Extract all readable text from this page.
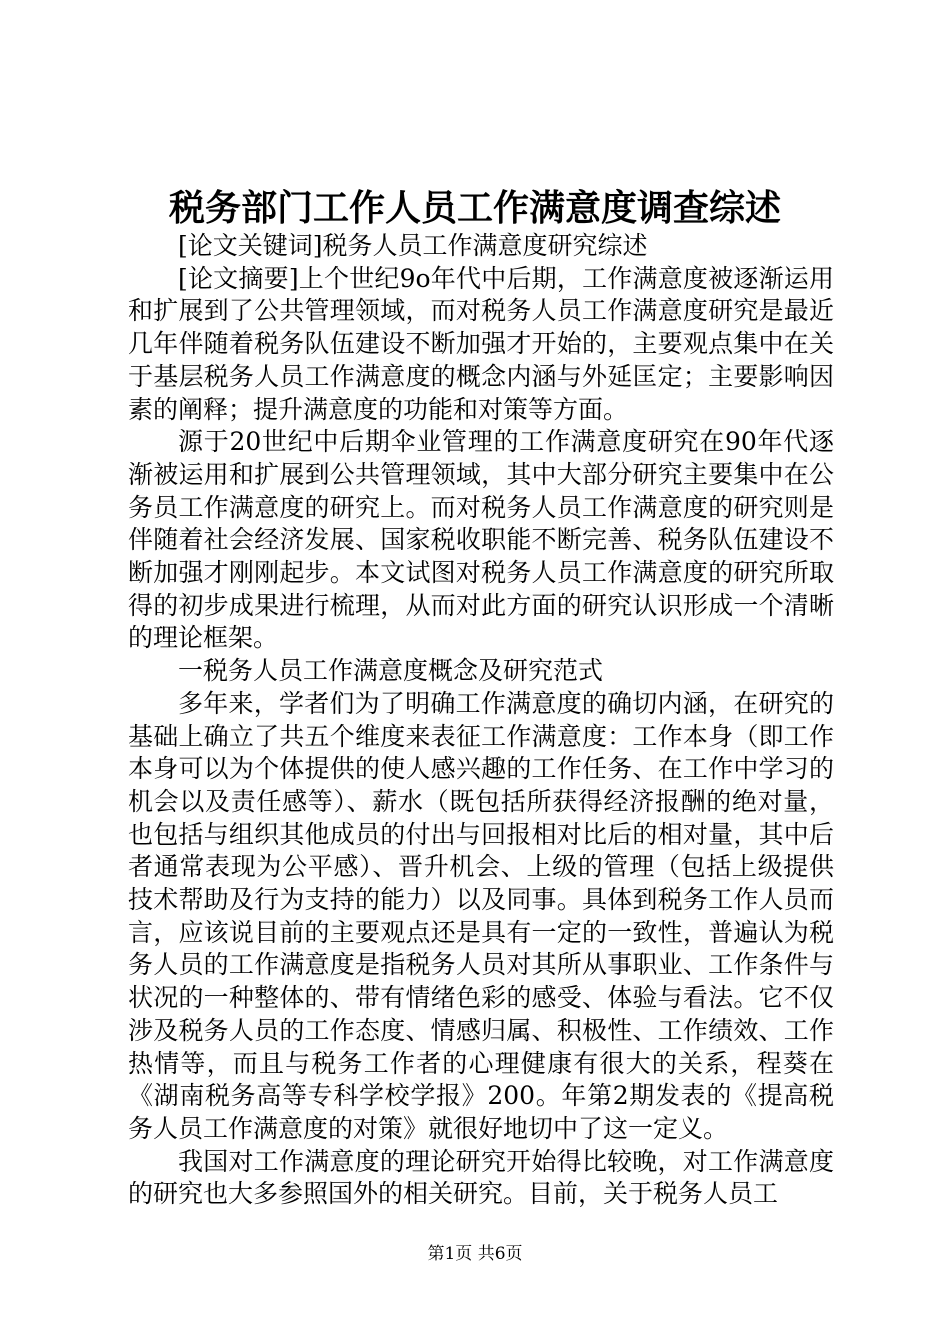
税务部门工作人员工作满意度调查综述

[论文关键词]税务人员工作满意度研究综述

[论文摘要]上个世纪9o年代中后期，工作满意度被逐渐运用和扩展到了公共管理领域，而对税务人员工作满意度研究是最近几年伴随着税务队伍建设不断加强才开始的，主要观点集中在关于基层税务人员工作满意度的概念内涵与外延匡定；主要影响因素的阐释；提升满意度的功能和对策等方面。

源于20世纪中后期伞业管理的工作满意度研究在90年代逐渐被运用和扩展到公共管理领域，其中大部分研究主要集中在公务员工作满意度的研究上。而对税务人员工作满意度的研究则是伴随着社会经济发展、国家税收职能不断完善、税务队伍建设不断加强才刚刚起步。本文试图对税务人员工作满意度的研究所取得的初步成果进行梳理，从而对此方面的研究认识形成一个清晰的理论框架。

一税务人员工作满意度概念及研究范式

多年来，学者们为了明确工作满意度的确切内涵，在研究的基础上确立了共五个维度来表征工作满意度：工作本身（即工作本身可以为个体提供的使人感兴趣的工作任务、在工作中学习的机会以及责任感等）、薪水（既包括所获得经济报酬的绝对量，也包括与组织其他成员的付出与回报相对比后的相对量，其中后者通常表现为公平感）、晋升机会、上级的管理（包括上级提供技术帮助及行为支持的能力）以及同事。具体到税务工作人员而言，应该说目前的主要观点还是具有一定的一致性，普遍认为税务人员的工作满意度是指税务人员对其所从事职业、工作条件与状况的一种整体的、带有情绪色彩的感受、体验与看法。它不仅涉及税务人员的工作态度、情感归属、积极性、工作绩效、工作热情等，而且与税务工作者的心理健康有很大的关系，程葵在《湖南税务高等专科学校学报》200。年第2期发表的《提高税务人员工作满意度的对策》就很好地切中了这一定义。

我国对工作满意度的理论研究开始得比较晚，对工作满意度的研究也大多参照国外的相关研究。目前，关于税务人员工

第1页 共6页
